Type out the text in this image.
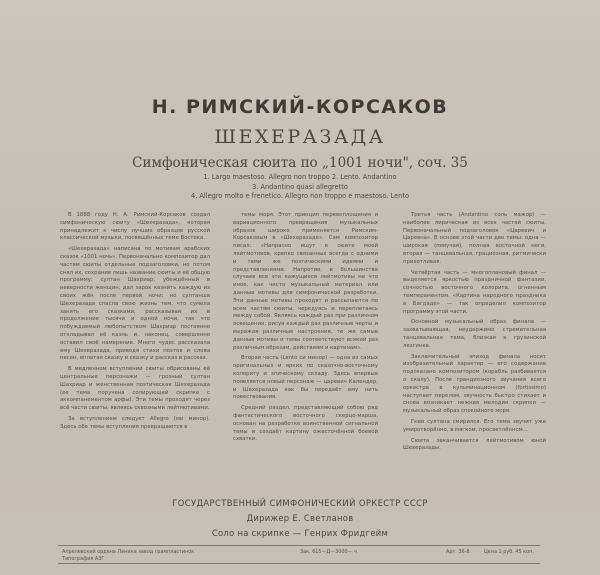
Н. РИМСКИЙ-КОРСАКОВ
ШЕХЕРАЗАДА
Симфоническая сюита по „1001 ночи", соч. 35
1. Largo maestoso. Allegro non troppo 2. Lento. Andantino
3. Andantino quasi allegretto
4. Allegro molto e frenetico. Allegro non troppo e maestoso. Lento

В 1888 году Н. А. Римский-Корсаков создал симфоническую сюиту «Шехеразада», которая принадлежит к числу лучших образцов русской классической музыки, посвящённых теме Востока.

«Шехеразада» написана по мотивам арабских сказок «1001 ночь». Первоначально композитор дал частям сюиты отдельные подзаголовки, но потом снял их, сохранив лишь название сюиты и её общую программу: султан Шахриар, убеждённый в неверности женщин, дал зарок казнить каждую из своих жён после первой ночи; но султанша Шехеразада спасла свою жизнь тем, что сумела занять его сказками, рассказывая их в продолжение тысячи и одной ночи, так что побуждаемый любопытством Шахриар постоянно откладывал её казнь и, наконец, совершенно оставил своё намерение. Много чудес рассказала ему Шехеразада, приводя стихи поэтов и слова песен, вплетая сказку в сказку и рассказ в рассказ.

В медленном вступлении сюиты обрисованы её центральные персонажи — грозный султан Шахриар и женственная поэтическая Шехеразада (ее тема поручена солирующей скрипке с аккомпанементом арфы). Эти темы проходят через всё части сюиты, являясь сквозными лейтмотивами.

За вступлением следует Allegro (ми минор). Здесь обе темы вступления превращаются в

темы моря. Этот принцип перевоплощения и вариационного превращения музыкальных образов широко применяется Римским-Корсаковым в «Шехеразаде». Сам композитор писал: «Напрасно ищут в сюите моей лейтмотивов, крепко связанных всегда с одними и теми же поэтическими идеями и представлениями. Напротив, в большинстве случаев все эти кажущиеся лейтмотивы не что иное, как чисто музыкальный материал или данные мотивы для симфонической разработки. Эти данные мотивы проходят и рассыпаются по всем частям сюиты, чередуясь и переплетаясь между собой. Являясь каждый раз при различном освещении, рисуя каждый раз различные черты и выражая различные настроения, те же самые данные мотивы и темы соответствуют всякий раз различным образам, действиям и картинам».

Вторая часть (Lento си минор) — одна из самых оригинальных и ярких по сказочно-восточному колориту и эпическому складу. Здесь впервые появляется новый персонаж — царевич Календер, и Шехеразада как бы передаёт ему нить повествования.

Средний раздел, представляющий собою ряд фантастического восточного скерцо-марша, основан на разработке воинственной сигнальной темы и создаёт картину ожесточённой боевой схватки.

Третья часть (Andantino соль мажор) — наиболее лирическая из всех частей сюиты. Первоначальный подзаголовок «Царевич и Царевна». В основе этой части две темы: одна — широкая (певучая), полная восточной неги, вторая — танцевальная, грациозная, ритмически прихотливая.

Четвёртая часть — многоплановый финал — выделяется яркостью праздничной фантазии, сочностью восточного колорита, огненным темпераментом. «Картина народного праздника в Багдаде» — так определил композитор программу этой части.

Основной музыкальный образ финала — захватывающая, неудержимо стремительная танцевальная тема, близкая к грузинской лезгинке.

Заключительный эпизод финала носит изобразительный характер — его содержание подсказано композитором (корабль разбивается о скалу). После грандиозного звучания всего оркестра в кульминационном (fortissimo) наступает перелом, звучность быстро стихает и снова возникает нежная мелодия скрипки — музыкальный образ спокойного моря.

Гнев султана смирился. Его тема звучит уже умиротворённо, в мягком, просветлённом...

Сюита заканчивается лейтмотивом юной Шехеразады.

ГОСУДАРСТВЕННЫЙ СИМФОНИЧЕСКИЙ ОРКЕСТР СССР
Дирижер Е. Светланов
Соло на скрипке — Генрих Фридгейм
Апрелевский ордена Ленина завод грампластинок
Типография АЗГ
Зак. 615—Д—3000— ч	Арт. 36-8.	Цена 1 руб. 45 коп.
